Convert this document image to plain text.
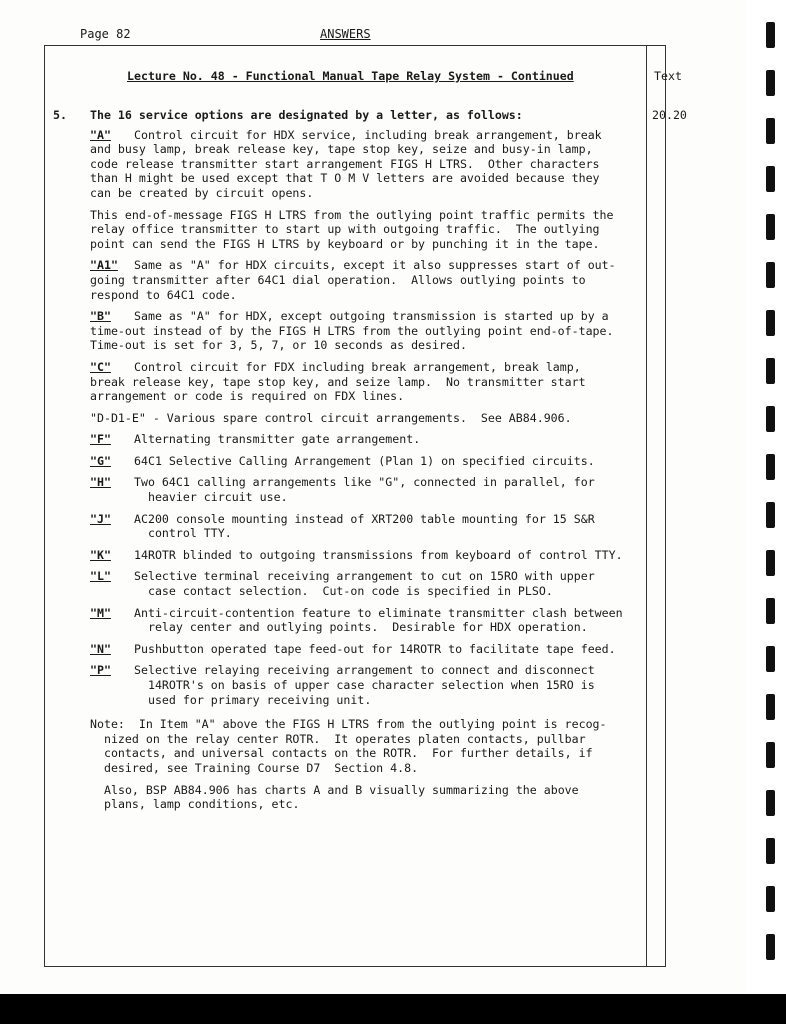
Page 82	ANSWERS
Lecture No. 48 - Functional Manual Tape Relay System - Continued	Text
20.20
5. The 16 service options are designated by a letter, as follows:
"A"	Control circuit for HDX service, including break arrangement, break
and busy lamp, break release key, tape stop key, seize and busy-in lamp,
code release transmitter start arrangement FIGS H LTRS.  Other characters
than H might be used except that T O M V letters are avoided because they
can be created by circuit opens.
This end-of-message FIGS H LTRS from the outlying point traffic permits the
relay office transmitter to start up with outgoing traffic.  The outlying
point can send the FIGS H LTRS by keyboard or by punching it in the tape.
"A1"	Same as "A" for HDX circuits, except it also suppresses start of out-
going transmitter after 64C1 dial operation.  Allows outlying points to
respond to 64C1 code.
"B"	Same as "A" for HDX, except outgoing transmission is started up by a
time-out instead of by the FIGS H LTRS from the outlying point end-of-tape.
Time-out is set for 3, 5, 7, or 10 seconds as desired.
"C"	Control circuit for FDX including break arrangement, break lamp,
break release key, tape stop key, and seize lamp.  No transmitter start
arrangement or code is required on FDX lines.
"D-D1-E" - Various spare control circuit arrangements.  See AB84.906.
"F"	Alternating transmitter gate arrangement.
"G"	64C1 Selective Calling Arrangement (Plan 1) on specified circuits.
"H"	Two 64C1 calling arrangements like "G", connected in parallel, for
heavier circuit use.
"J"	AC200 console mounting instead of XRT200 table mounting for 15 S&R
control TTY.
"K"	14ROTR blinded to outgoing transmissions from keyboard of control TTY.
"L"	Selective terminal receiving arrangement to cut on 15RO with upper
case contact selection.  Cut-on code is specified in PLSO.
"M"	Anti-circuit-contention feature to eliminate transmitter clash between
relay center and outlying points.  Desirable for HDX operation.
"N"	Pushbutton operated tape feed-out for 14ROTR to facilitate tape feed.
"P"	Selective relaying receiving arrangement to connect and disconnect
14ROTR's on basis of upper case character selection when 15RO is
used for primary receiving unit.
Note:  In Item "A" above the FIGS H LTRS from the outlying point is recog-
nized on the relay center ROTR.  It operates platen contacts, pullbar
contacts, and universal contacts on the ROTR.  For further details, if
desired, see Training Course D7  Section 4.8.
Also, BSP AB84.906 has charts A and B visually summarizing the above
plans, lamp conditions, etc.
